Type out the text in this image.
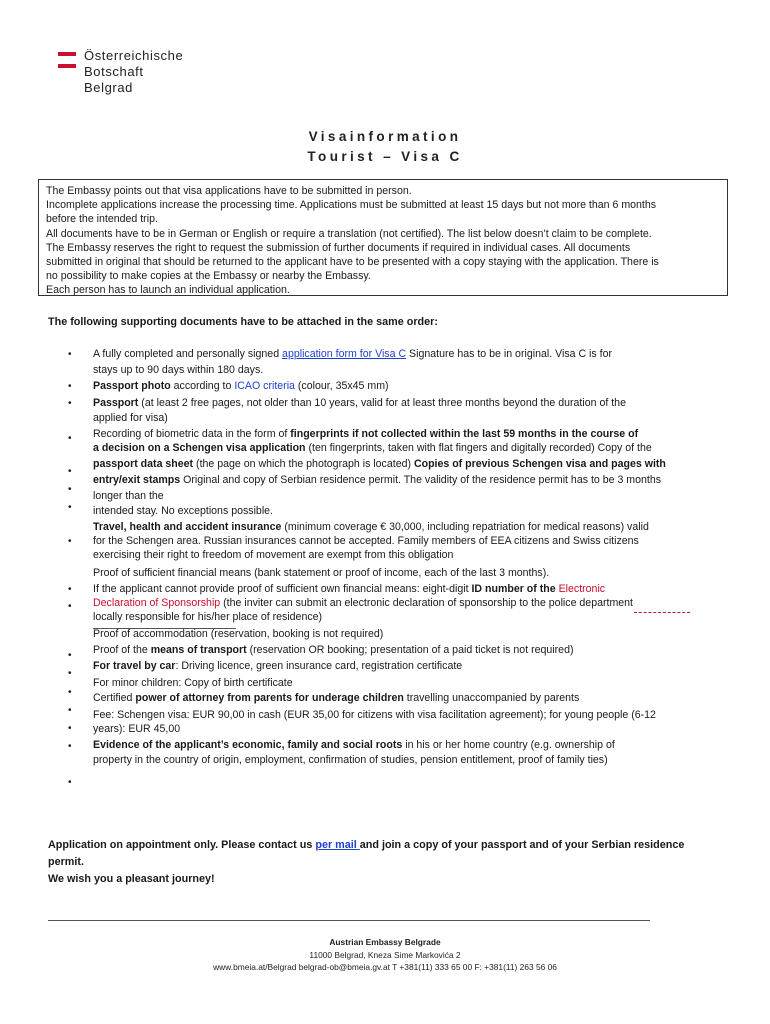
Österreichische
Botschaft
Belgrad
Visainformation
Tourist – Visa C
The Embassy points out that visa applications have to be submitted in person.
Incomplete applications increase the processing time. Applications must be submitted at least 15 days but not more than 6 months
before the intended trip.
All documents have to be in German or English or require a translation (not certified). The list below doesn’t claim to be complete.
The Embassy reserves the right to request the submission of further documents if required in individual cases. All documents
submitted in original that should be returned to the applicant have to be presented with a copy staying with the application. There is
no possibility to make copies at the Embassy or nearby the Embassy.
Each person has to launch an individual application.
The following supporting documents have to be attached in the same order:
•
•
•
•
•
•
•
•
•
•
•
•
•
•
•
•
•
A fully completed and personally signed application form for Visa C Signature has to be in original. Visa C is for
stays up to 90 days within 180 days.
Passport photo according to ICAO criteria (colour, 35x45 mm)
Passport (at least 2 free pages, not older than 10 years, valid for at least three months beyond the duration of the
applied for visa)
Recording of biometric data in the form of fingerprints if not collected within the last 59 months in the course of
a decision on a Schengen visa application (ten fingerprints, taken with flat fingers and digitally recorded) Copy of the
passport data sheet (the page on which the photograph is located) Copies of previous Schengen visa and pages with
entry/exit stamps Original and copy of Serbian residence permit. The validity of the residence permit has to be 3 months
longer than the
intended stay. No exceptions possible.
Travel, health and accident insurance (minimum coverage € 30,000, including repatriation for medical reasons) valid
for the Schengen area. Russian insurances cannot be accepted. Family members of EEA citizens and Swiss citizens
exercising their right to freedom of movement are exempt from this obligation
Proof of sufficient financial means (bank statement or proof of income, each of the last 3 months).
If the applicant cannot provide proof of sufficient own financial means: eight-digit ID number of the Electronic
Declaration of Sponsorship (the inviter can submit an electronic declaration of sponsorship to the police department
locally responsible for his/her place of residence)
Proof of accommodation (reservation, booking is not required)
Proof of the means of transport (reservation OR booking; presentation of a paid ticket is not required)
For travel by car: Driving licence, green insurance card, registration certificate
For minor children: Copy of birth certificate
Certified power of attorney from parents for underage children travelling unaccompanied by parents
Fee: Schengen visa: EUR 90,00 in cash (EUR 35,00 for citizens with visa facilitation agreement); for young people (6-12
years): EUR 45,00
Evidence of the applicant’s economic, family and social roots in his or her home country (e.g. ownership of
property in the country of origin, employment, confirmation of studies, pension entitlement, proof of family ties)
Application on appointment only. Please contact us per mail and join a copy of your passport and of your Serbian residence
permit.
We wish you a pleasant journey!
Austrian Embassy Belgrade
11000 Belgrad, Kneza Sime Markovića 2
www.bmeia.at/Belgrad belgrad-ob@bmeia.gv.at T +381(11) 333 65 00 F: +381(11) 263 56 06
